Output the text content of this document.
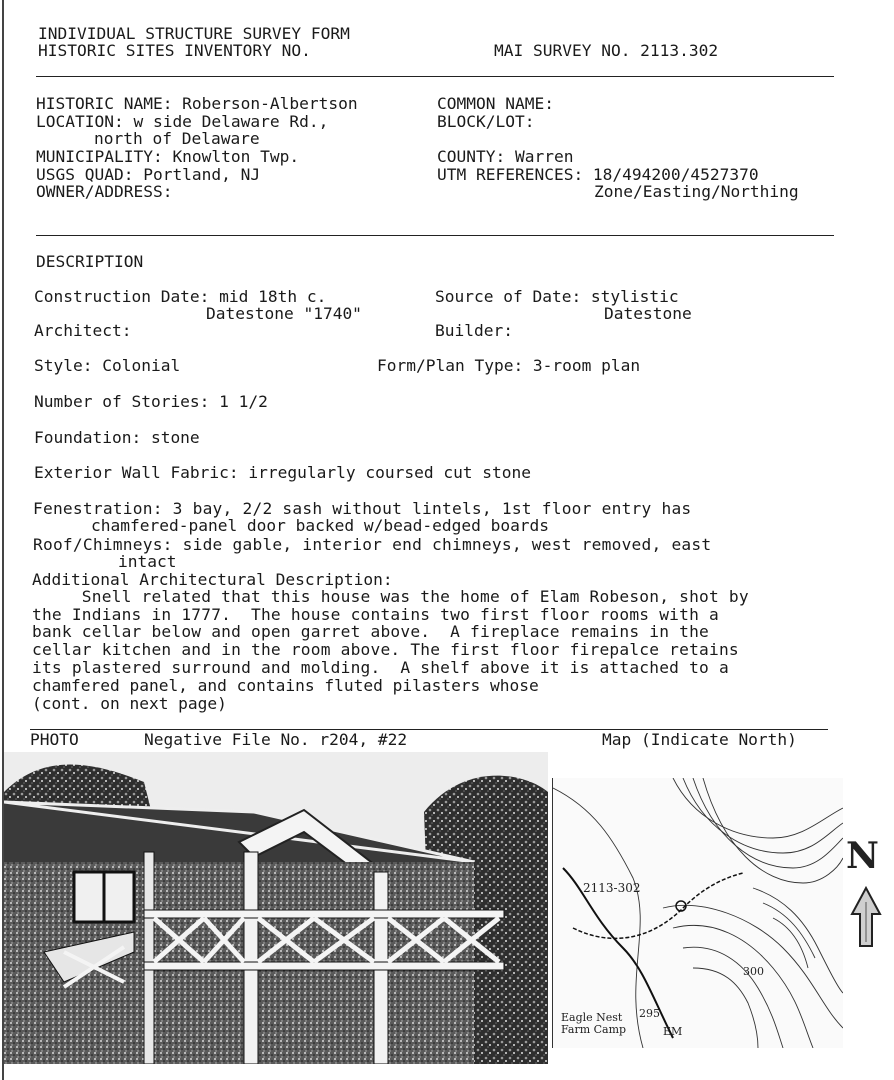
INDIVIDUAL STRUCTURE SURVEY FORM
HISTORIC SITES INVENTORY NO.	MAI SURVEY NO. 2113.302
HISTORIC NAME: Roberson-Albertson	COMMON NAME:
LOCATION: w side Delaware Rd.,	BLOCK/LOT:
north of Delaware
MUNICIPALITY: Knowlton Twp.	COUNTY: Warren
USGS QUAD: Portland, NJ	UTM REFERENCES: 18/494200/4527370
OWNER/ADDRESS:	Zone/Easting/Northing
DESCRIPTION
Construction Date: mid 18th c.	Source of Date: stylistic
Datestone "1740"	Datestone
Architect:	Builder:
Style: Colonial	Form/Plan Type: 3-room plan
Number of Stories: 1 1/2
Foundation: stone
Exterior Wall Fabric: irregularly coursed cut stone
Fenestration: 3 bay, 2/2 sash without lintels, 1st floor entry has
chamfered-panel door backed w/bead-edged boards
Roof/Chimneys: side gable, interior end chimneys, west removed, east
intact
Additional Architectural Description:
Snell related that this house was the home of Elam Robeson, shot by
the Indians in 1777.  The house contains two first floor rooms with a
bank cellar below and open garret above.  A fireplace remains in the
cellar kitchen and in the room above. The first floor firepalce retains
its plastered surround and molding.  A shelf above it is attached to a
chamfered panel, and contains fluted pilasters whose
(cont. on next page)
PHOTO	Negative File No. r204, #22	Map (Indicate North)
2113-302
300
295
Eagle Nest
Farm Camp	EM
N
